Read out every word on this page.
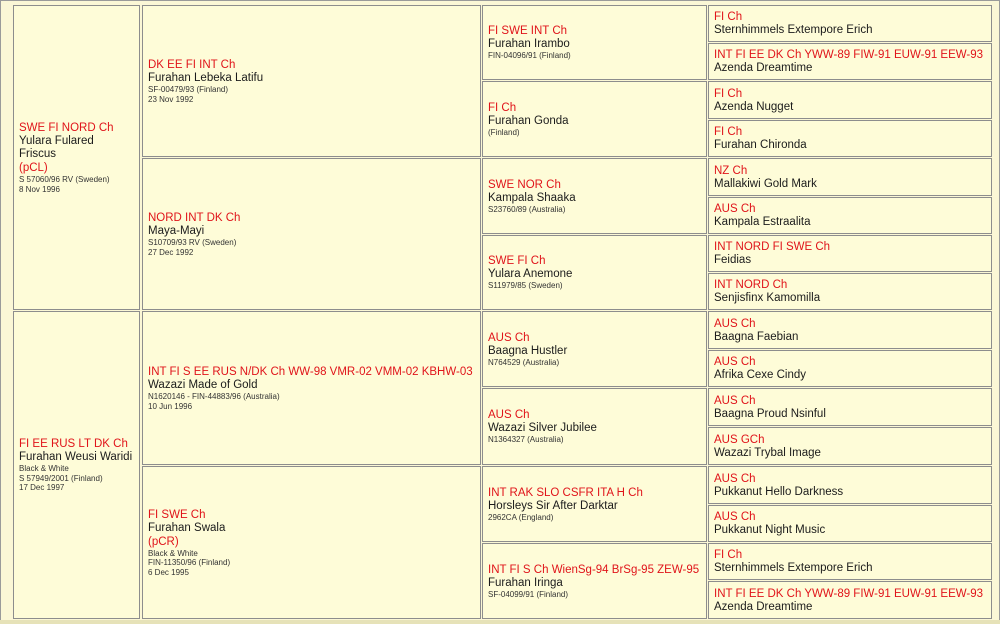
SWE FI NORD Ch
Yulara Fulared Friscus
(pCL)
S 57060/96 RV (Sweden)
8 Nov 1996
FI EE RUS LT DK Ch
Furahan Weusi Waridi
Black & White
S 57949/2001 (Finland)
17 Dec 1997
DK EE FI INT Ch
Furahan Lebeka Latifu
SF-00479/93 (Finland)
23 Nov 1992
NORD INT DK Ch
Maya-Mayi
S10709/93 RV (Sweden)
27 Dec 1992
INT FI S EE RUS N/DK Ch WW-98 VMR-02 VMM-02 KBHW-03
Wazazi Made of Gold
N1620146 - FIN-44883/96 (Australia)
10 Jun 1996
FI SWE Ch
Furahan Swala
(pCR)
Black & White
FIN-11350/96 (Finland)
6 Dec 1995
FI SWE INT Ch
Furahan Irambo
FIN-04096/91 (Finland)
FI Ch
Furahan Gonda
(Finland)
SWE NOR Ch
Kampala Shaaka
S23760/89 (Australia)
SWE FI Ch
Yulara Anemone
S11979/85 (Sweden)
AUS Ch
Baagna Hustler
N764529 (Australia)
AUS Ch
Wazazi Silver Jubilee
N1364327 (Australia)
INT RAK SLO CSFR ITA H Ch
Horsleys Sir After Darktar
2962CA (England)
INT FI S Ch WienSg-94 BrSg-95 ZEW-95
Furahan Iringa
SF-04099/91 (Finland)
FI Ch
Sternhimmels Extempore Erich
INT FI EE DK Ch YWW-89 FIW-91 EUW-91 EEW-93
Azenda Dreamtime
FI Ch
Azenda Nugget
FI Ch
Furahan Chironda
NZ Ch
Mallakiwi Gold Mark
AUS Ch
Kampala Estraalita
INT NORD FI SWE Ch
Feidias
INT NORD Ch
Senjisfinx Kamomilla
AUS Ch
Baagna Faebian
AUS Ch
Afrika Cexe Cindy
AUS Ch
Baagna Proud Nsinful
AUS GCh
Wazazi Trybal Image
AUS Ch
Pukkanut Hello Darkness
AUS Ch
Pukkanut Night Music
FI Ch
Sternhimmels Extempore Erich
INT FI EE DK Ch YWW-89 FIW-91 EUW-91 EEW-93
Azenda Dreamtime
